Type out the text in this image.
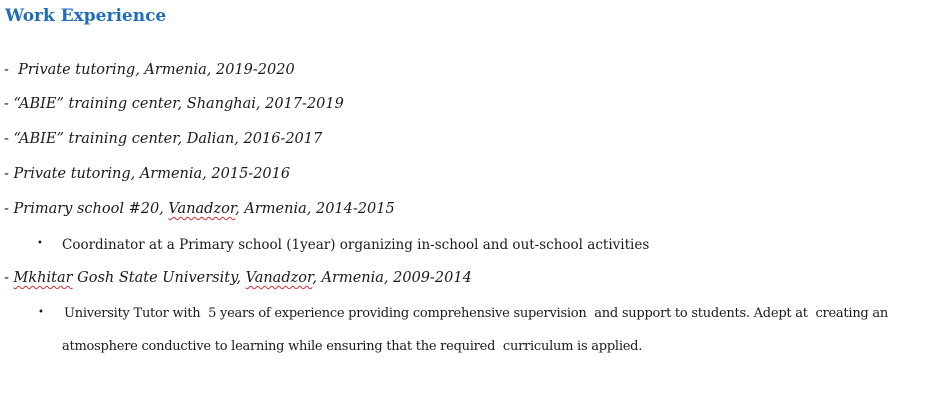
Work Experience
-  Private tutoring, Armenia, 2019-2020
- “ABIE” training center, Shanghai, 2017-2019
- “ABIE” training center, Dalian, 2016-2017
- Private tutoring, Armenia, 2015-2016
- Primary school #20, Vanadzor, Armenia, 2014-2015
• Coordinator at a Primary school (1year) organizing in-school and out-school activities
- Mkhitar Gosh State University, Vanadzor, Armenia, 2009-2014
• University Tutor with  5 years of experience providing comprehensive supervision  and support to students. Adept at  creating an
atmosphere conductive to learning while ensuring that the required  curriculum is applied.
